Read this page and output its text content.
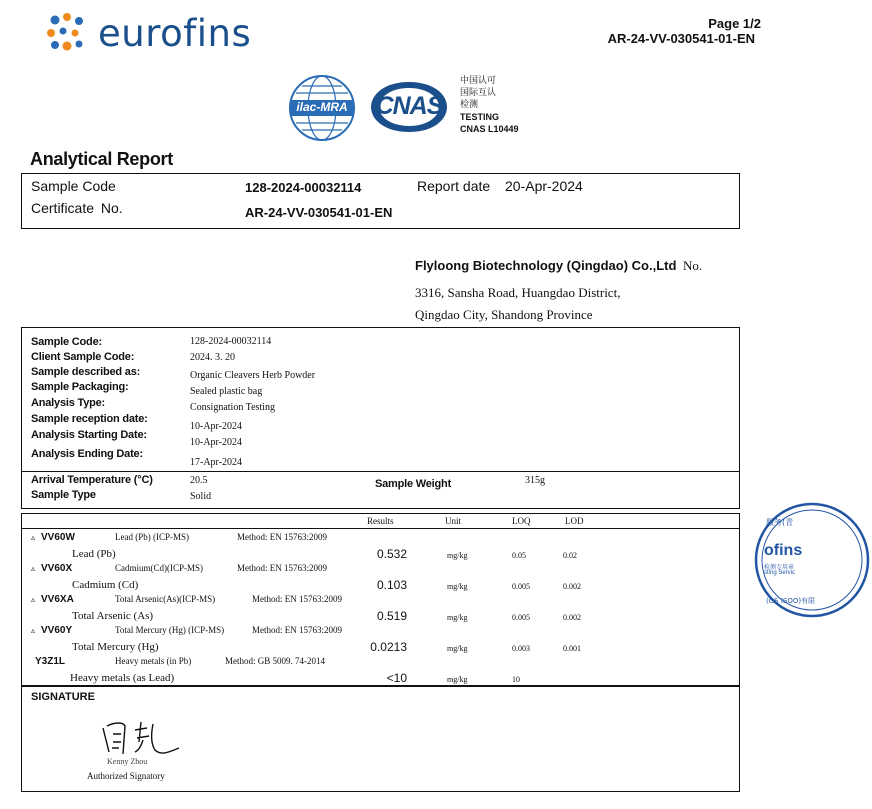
eurofins	Page 1/2
AR-24-VV-030541-01-EN
ilac-MRA	CNAS
中国认可
国际互认
检测
TESTING
CNAS L10449
Analytical Report
Sample Code	128-2024-00032114	Report date 20-Apr-2024
Certificate No.	AR-24-VV-030541-01-EN
Flyloong Biotechnology (Qingdao) Co.,Ltd No.
3316, Sansha Road, Huangdao District,
Qingdao City, Shandong Province
Sample Code:	128-2024-00032114
Client Sample Code:	2024. 3. 20
Sample described as:	Organic Cleavers Herb Powder
Sample Packaging:	Sealed plastic bag
Analysis Type:	Consignation Testing
Sample reception date:
10-Apr-2024
Analysis Starting Date:
10-Apr-2024
Analysis Ending Date:
17-Apr-2024
Arrival Temperature (°C)	20.5	Sample Weight	315g
Sample Type	Solid
Results	Unit	LOQ	LOD
▵ VV60W	Lead (Pb) (ICP-MS)	Method: EN 15763:2009
Lead (Pb)	0.532	mg/kg	0.05	0.02
▵ VV60X	Cadmium(Cd)(ICP-MS)	Method: EN 15763:2009
Cadmium (Cd)	0.103	mg/kg	0.005	0.002
▵ VV6XA	Total Arsenic(As)(ICP-MS)	Method: EN 15763:2009
Total Arsenic (As)	0.519	mg/kg	0.005	0.002
▵ VV60Y	Total Mercury (Hg) (ICP-MS)	Method: EN 15763:2009
Total Mercury (Hg)	0.0213	mg/kg	0.003	0.001
Y3Z1L	Heavy metals (in Pb)	Method: GB 5009. 74-2014
Heavy metals (as Lead)	<10	mg/kg	10
SIGNATURE
Kenny Zhou
Authorized Signatory
服务(青
ofins
检测专用章
sting Servic
(GS ISOO)有限
